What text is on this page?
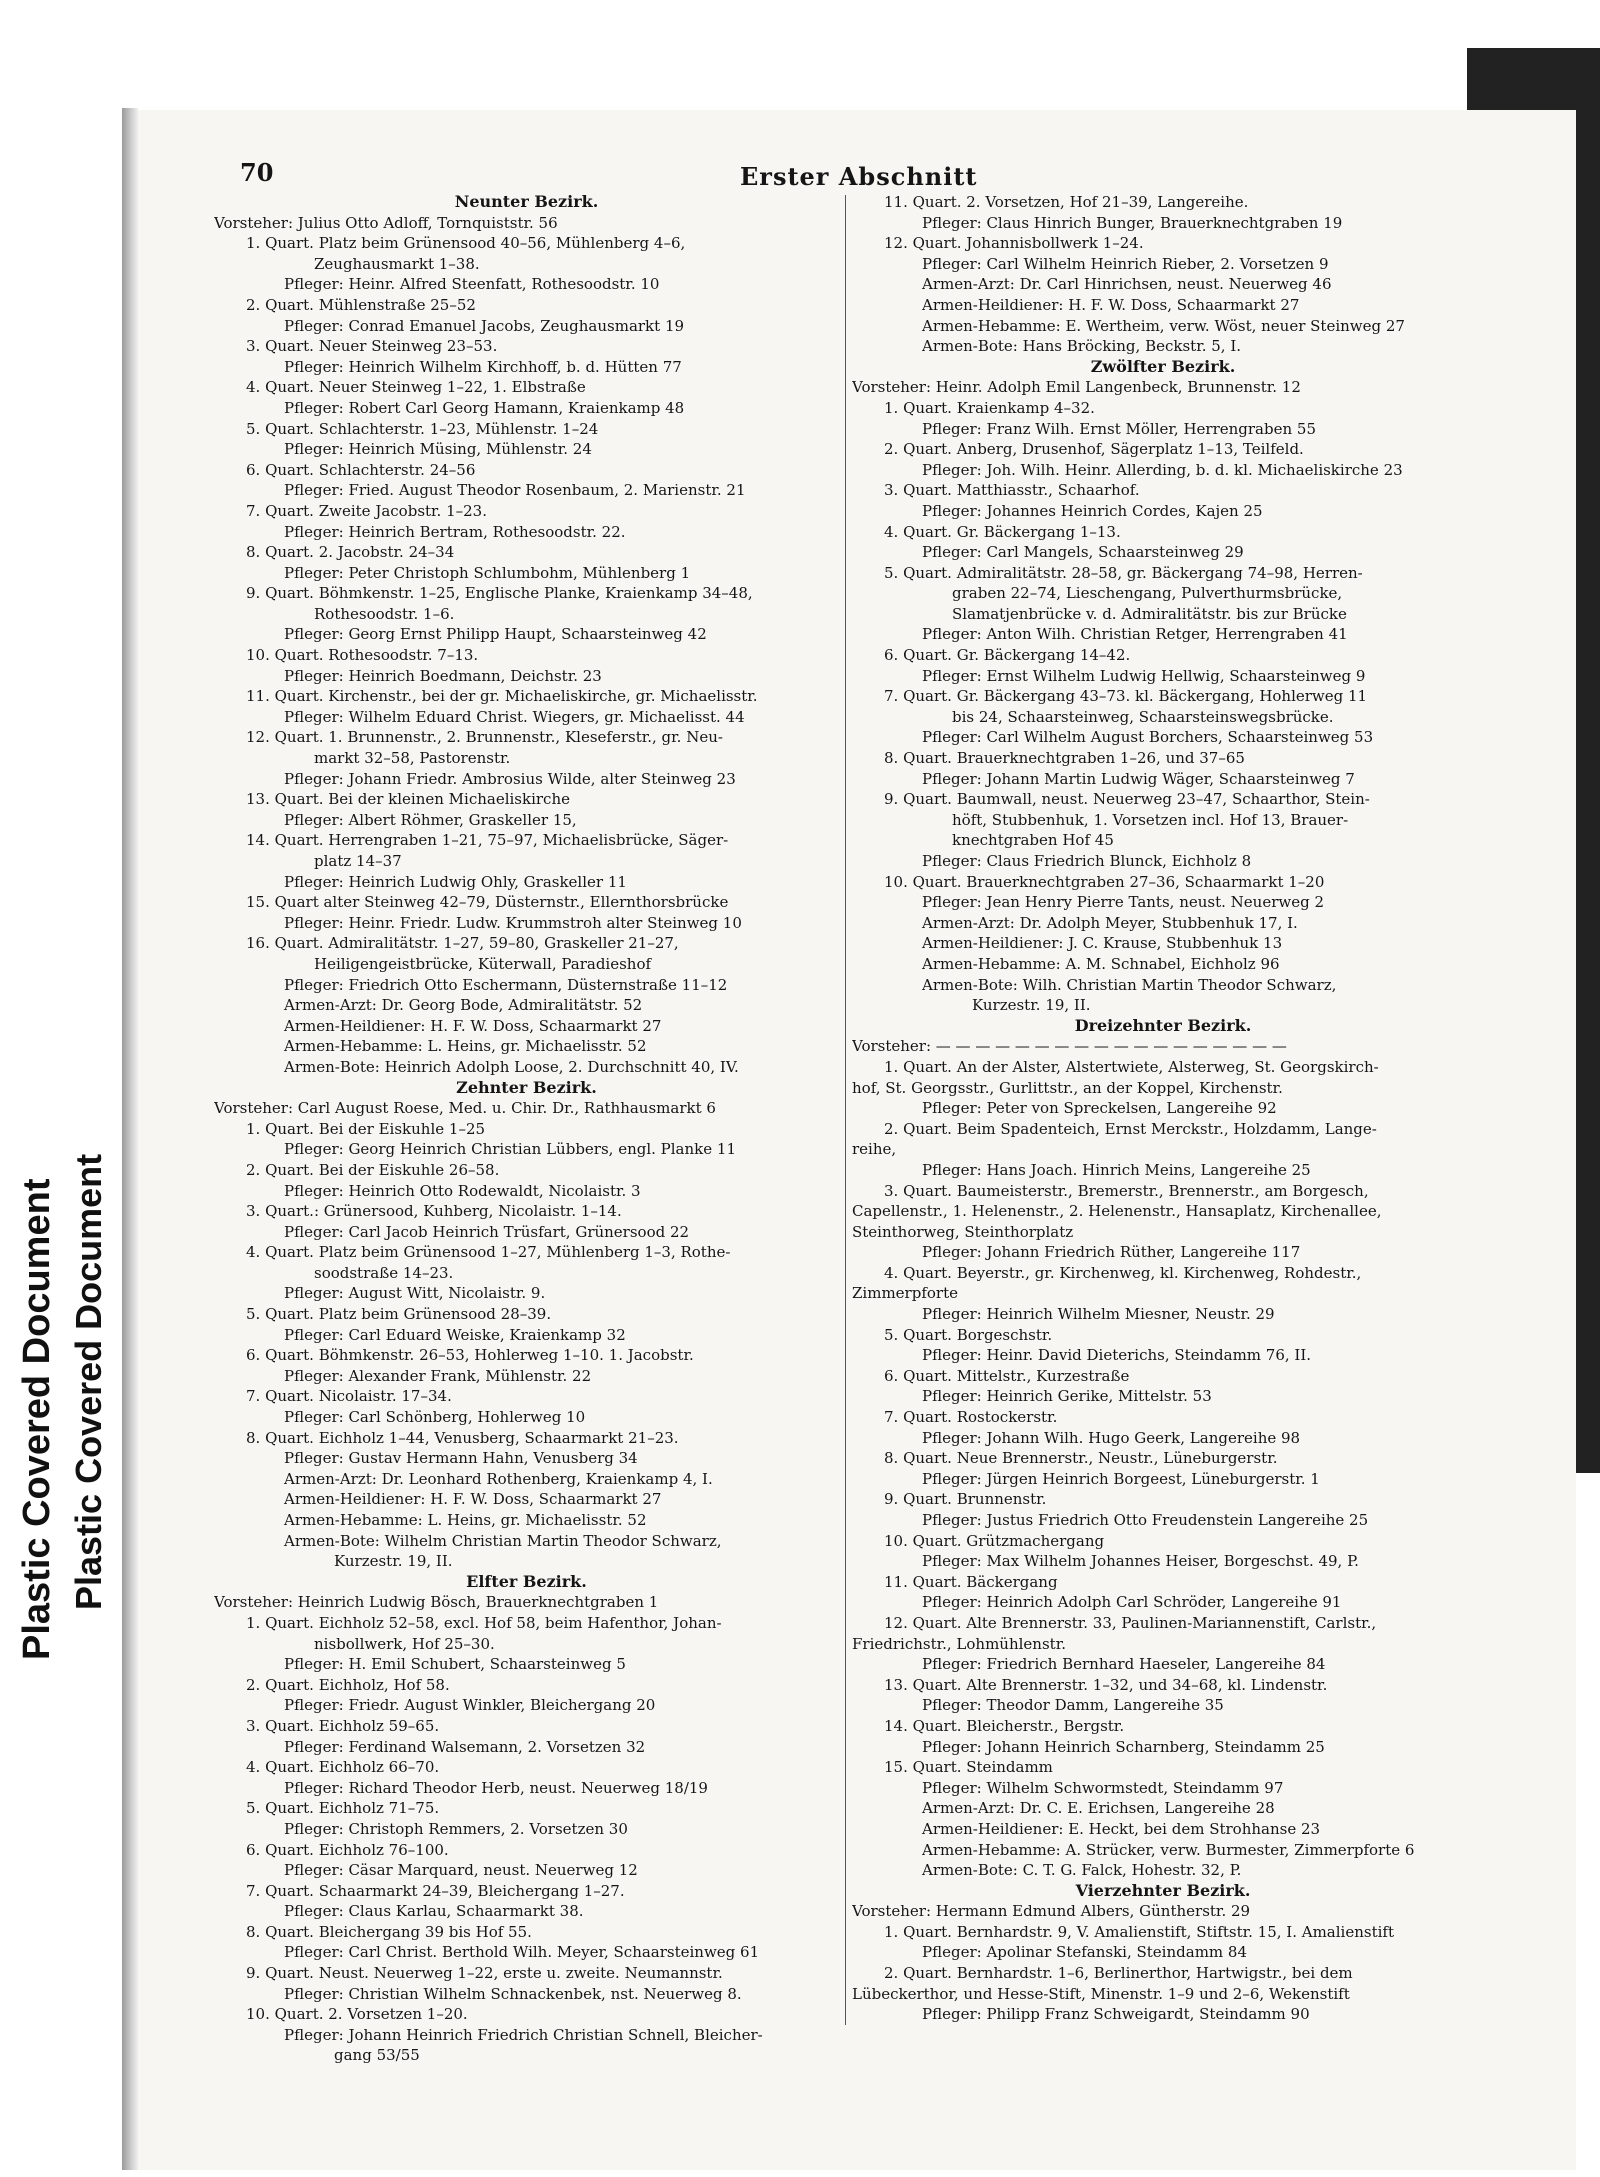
Plastic Covered Document Plastic Covered Document
70	Erster Abschnitt
Neunter Bezirk.
Vorsteher: Julius Otto Adloff, Tornquiststr. 56
1. Quart. Platz beim Grünensood 40–56, Mühlenberg 4–6,
Zeughausmarkt 1–38.
Pfleger: Heinr. Alfred Steenfatt, Rothesoodstr. 10
2. Quart. Mühlenstraße 25–52
Pfleger: Conrad Emanuel Jacobs, Zeughausmarkt 19
3. Quart. Neuer Steinweg 23–53.
Pfleger: Heinrich Wilhelm Kirchhoff, b. d. Hütten 77
4. Quart. Neuer Steinweg 1–22, 1. Elbstraße
Pfleger: Robert Carl Georg Hamann, Kraienkamp 48
5. Quart. Schlachterstr. 1–23, Mühlenstr. 1–24
Pfleger: Heinrich Müsing, Mühlenstr. 24
6. Quart. Schlachterstr. 24–56
Pfleger: Fried. August Theodor Rosenbaum, 2. Marienstr. 21
7. Quart. Zweite Jacobstr. 1–23.
Pfleger: Heinrich Bertram, Rothesoodstr. 22.
8. Quart. 2. Jacobstr. 24–34
Pfleger: Peter Christoph Schlumbohm, Mühlenberg 1
9. Quart. Böhmkenstr. 1–25, Englische Planke, Kraienkamp 34–48,
Rothesoodstr. 1–6.
Pfleger: Georg Ernst Philipp Haupt, Schaarsteinweg 42
10. Quart. Rothesoodstr. 7–13.
Pfleger: Heinrich Boedmann, Deichstr. 23
11. Quart. Kirchenstr., bei der gr. Michaeliskirche, gr. Michaelisstr.
Pfleger: Wilhelm Eduard Christ. Wiegers, gr. Michaelisst. 44
12. Quart. 1. Brunnenstr., 2. Brunnenstr., Kleseferstr., gr. Neu-
markt 32–58, Pastorenstr.
Pfleger: Johann Friedr. Ambrosius Wilde, alter Steinweg 23
13. Quart. Bei der kleinen Michaeliskirche
Pfleger: Albert Röhmer, Graskeller 15,
14. Quart. Herrengraben 1–21, 75–97, Michaelisbrücke, Säger-
platz 14–37
Pfleger: Heinrich Ludwig Ohly, Graskeller 11
15. Quart alter Steinweg 42–79, Düsternstr., Ellernthorsbrücke
Pfleger: Heinr. Friedr. Ludw. Krummstroh alter Steinweg 10
16. Quart. Admiralitätstr. 1–27, 59–80, Graskeller 21–27,
Heiligengeistbrücke, Küterwall, Paradieshof
Pfleger: Friedrich Otto Eschermann, Düsternstraße 11–12
Armen-Arzt: Dr. Georg Bode, Admiralitätstr. 52
Armen-Heildiener: H. F. W. Doss, Schaarmarkt 27
Armen-Hebamme: L. Heins, gr. Michaelisstr. 52
Armen-Bote: Heinrich Adolph Loose, 2. Durchschnitt 40, IV.
Zehnter Bezirk.
Vorsteher: Carl August Roese, Med. u. Chir. Dr., Rathhausmarkt 6
1. Quart. Bei der Eiskuhle 1–25
Pfleger: Georg Heinrich Christian Lübbers, engl. Planke 11
2. Quart. Bei der Eiskuhle 26–58.
Pfleger: Heinrich Otto Rodewaldt, Nicolaistr. 3
3. Quart.: Grünersood, Kuhberg, Nicolaistr. 1–14.
Pfleger: Carl Jacob Heinrich Trüsfart, Grünersood 22
4. Quart. Platz beim Grünensood 1–27, Mühlenberg 1–3, Rothe-
soodstraße 14–23.
Pfleger: August Witt, Nicolaistr. 9.
5. Quart. Platz beim Grünensood 28–39.
Pfleger: Carl Eduard Weiske, Kraienkamp 32
6. Quart. Böhmkenstr. 26–53, Hohlerweg 1–10. 1. Jacobstr.
Pfleger: Alexander Frank, Mühlenstr. 22
7. Quart. Nicolaistr. 17–34.
Pfleger: Carl Schönberg, Hohlerweg 10
8. Quart. Eichholz 1–44, Venusberg, Schaarmarkt 21–23.
Pfleger: Gustav Hermann Hahn, Venusberg 34
Armen-Arzt: Dr. Leonhard Rothenberg, Kraienkamp 4, I.
Armen-Heildiener: H. F. W. Doss, Schaarmarkt 27
Armen-Hebamme: L. Heins, gr. Michaelisstr. 52
Armen-Bote: Wilhelm Christian Martin Theodor Schwarz,
Kurzestr. 19, II.
Elfter Bezirk.
Vorsteher: Heinrich Ludwig Bösch, Brauerknechtgraben 1
1. Quart. Eichholz 52–58, excl. Hof 58, beim Hafenthor, Johan-
nisbollwerk, Hof 25–30.
Pfleger: H. Emil Schubert, Schaarsteinweg 5
2. Quart. Eichholz, Hof 58.
Pfleger: Friedr. August Winkler, Bleichergang 20
3. Quart. Eichholz 59–65.
Pfleger: Ferdinand Walsemann, 2. Vorsetzen 32
4. Quart. Eichholz 66–70.
Pfleger: Richard Theodor Herb, neust. Neuerweg 18/19
5. Quart. Eichholz 71–75.
Pfleger: Christoph Remmers, 2. Vorsetzen 30
6. Quart. Eichholz 76–100.
Pfleger: Cäsar Marquard, neust. Neuerweg 12
7. Quart. Schaarmarkt 24–39, Bleichergang 1–27.
Pfleger: Claus Karlau, Schaarmarkt 38.
8. Quart. Bleichergang 39 bis Hof 55.
Pfleger: Carl Christ. Berthold Wilh. Meyer, Schaarsteinweg 61
9. Quart. Neust. Neuerweg 1–22, erste u. zweite. Neumannstr.
Pfleger: Christian Wilhelm Schnackenbek, nst. Neuerweg 8.
10. Quart. 2. Vorsetzen 1–20.
Pfleger: Johann Heinrich Friedrich Christian Schnell, Bleicher-
gang 53/55
11. Quart. 2. Vorsetzen, Hof 21–39, Langereihe.
Pfleger: Claus Hinrich Bunger, Brauerknechtgraben 19
12. Quart. Johannisbollwerk 1–24.
Pfleger: Carl Wilhelm Heinrich Rieber, 2. Vorsetzen 9
Armen-Arzt: Dr. Carl Hinrichsen, neust. Neuerweg 46
Armen-Heildiener: H. F. W. Doss, Schaarmarkt 27
Armen-Hebamme: E. Wertheim, verw. Wöst, neuer Steinweg 27
Armen-Bote: Hans Bröcking, Beckstr. 5, I.
Zwölfter Bezirk.
Vorsteher: Heinr. Adolph Emil Langenbeck, Brunnenstr. 12
1. Quart. Kraienkamp 4–32.
Pfleger: Franz Wilh. Ernst Möller, Herrengraben 55
2. Quart. Anberg, Drusenhof, Sägerplatz 1–13, Teilfeld.
Pfleger: Joh. Wilh. Heinr. Allerding, b. d. kl. Michaeliskirche 23
3. Quart. Matthiasstr., Schaarhof.
Pfleger: Johannes Heinrich Cordes, Kajen 25
4. Quart. Gr. Bäckergang 1–13.
Pfleger: Carl Mangels, Schaarsteinweg 29
5. Quart. Admiralitätstr. 28–58, gr. Bäckergang 74–98, Herren-
graben 22–74, Lieschengang, Pulverthurmsbrücke,
Slamatjenbrücke v. d. Admiralitätstr. bis zur Brücke
Pfleger: Anton Wilh. Christian Retger, Herrengraben 41
6. Quart. Gr. Bäckergang 14–42.
Pfleger: Ernst Wilhelm Ludwig Hellwig, Schaarsteinweg 9
7. Quart. Gr. Bäckergang 43–73. kl. Bäckergang, Hohlerweg 11
bis 24, Schaarsteinweg, Schaarsteinswegsbrücke.
Pfleger: Carl Wilhelm August Borchers, Schaarsteinweg 53
8. Quart. Brauerknechtgraben 1–26, und 37–65
Pfleger: Johann Martin Ludwig Wäger, Schaarsteinweg 7
9. Quart. Baumwall, neust. Neuerweg 23–47, Schaarthor, Stein-
höft, Stubbenhuk, 1. Vorsetzen incl. Hof 13, Brauer-
knechtgraben Hof 45
Pfleger: Claus Friedrich Blunck, Eichholz 8
10. Quart. Brauerknechtgraben 27–36, Schaarmarkt 1–20
Pfleger: Jean Henry Pierre Tants, neust. Neuerweg 2
Armen-Arzt: Dr. Adolph Meyer, Stubbenhuk 17, I.
Armen-Heildiener: J. C. Krause, Stubbenhuk 13
Armen-Hebamme: A. M. Schnabel, Eichholz 96
Armen-Bote: Wilh. Christian Martin Theodor Schwarz,
Kurzestr. 19, II.
Dreizehnter Bezirk.
Vorsteher: — — — — — — — — — — — — — — — — — —
1. Quart. An der Alster, Alstertwiete, Alsterweg, St. Georgskirch-
hof, St. Georgsstr., Gurlittstr., an der Koppel, Kirchenstr.
Pfleger: Peter von Spreckelsen, Langereihe 92
2. Quart. Beim Spadenteich, Ernst Merckstr., Holzdamm, Lange-
reihe,
Pfleger: Hans Joach. Hinrich Meins, Langereihe 25
3. Quart. Baumeisterstr., Bremerstr., Brennerstr., am Borgesch,
Capellenstr., 1. Helenenstr., 2. Helenenstr., Hansaplatz, Kirchenallee,
Steinthorweg, Steinthorplatz
Pfleger: Johann Friedrich Rüther, Langereihe 117
4. Quart. Beyerstr., gr. Kirchenweg, kl. Kirchenweg, Rohdestr.,
Zimmerpforte
Pfleger: Heinrich Wilhelm Miesner, Neustr. 29
5. Quart. Borgeschstr.
Pfleger: Heinr. David Dieterichs, Steindamm 76, II.
6. Quart. Mittelstr., Kurzestraße
Pfleger: Heinrich Gerike, Mittelstr. 53
7. Quart. Rostockerstr.
Pfleger: Johann Wilh. Hugo Geerk, Langereihe 98
8. Quart. Neue Brennerstr., Neustr., Lüneburgerstr.
Pfleger: Jürgen Heinrich Borgeest, Lüneburgerstr. 1
9. Quart. Brunnenstr.
Pfleger: Justus Friedrich Otto Freudenstein Langereihe 25
10. Quart. Grützmachergang
Pfleger: Max Wilhelm Johannes Heiser, Borgeschst. 49, P.
11. Quart. Bäckergang
Pfleger: Heinrich Adolph Carl Schröder, Langereihe 91
12. Quart. Alte Brennerstr. 33, Paulinen-Mariannenstift, Carlstr.,
Friedrichstr., Lohmühlenstr.
Pfleger: Friedrich Bernhard Haeseler, Langereihe 84
13. Quart. Alte Brennerstr. 1–32, und 34–68, kl. Lindenstr.
Pfleger: Theodor Damm, Langereihe 35
14. Quart. Bleicherstr., Bergstr.
Pfleger: Johann Heinrich Scharnberg, Steindamm 25
15. Quart. Steindamm
Pfleger: Wilhelm Schwormstedt, Steindamm 97
Armen-Arzt: Dr. C. E. Erichsen, Langereihe 28
Armen-Heildiener: E. Heckt, bei dem Strohhanse 23
Armen-Hebamme: A. Strücker, verw. Burmester, Zimmerpforte 6
Armen-Bote: C. T. G. Falck, Hohestr. 32, P.
Vierzehnter Bezirk.
Vorsteher: Hermann Edmund Albers, Güntherstr. 29
1. Quart. Bernhardstr. 9, V. Amalienstift, Stiftstr. 15, I. Amalienstift
Pfleger: Apolinar Stefanski, Steindamm 84
2. Quart. Bernhardstr. 1–6, Berlinerthor, Hartwigstr., bei dem
Lübeckerthor, und Hesse-Stift, Minenstr. 1–9 und 2–6, Wekenstift
Pfleger: Philipp Franz Schweigardt, Steindamm 90
